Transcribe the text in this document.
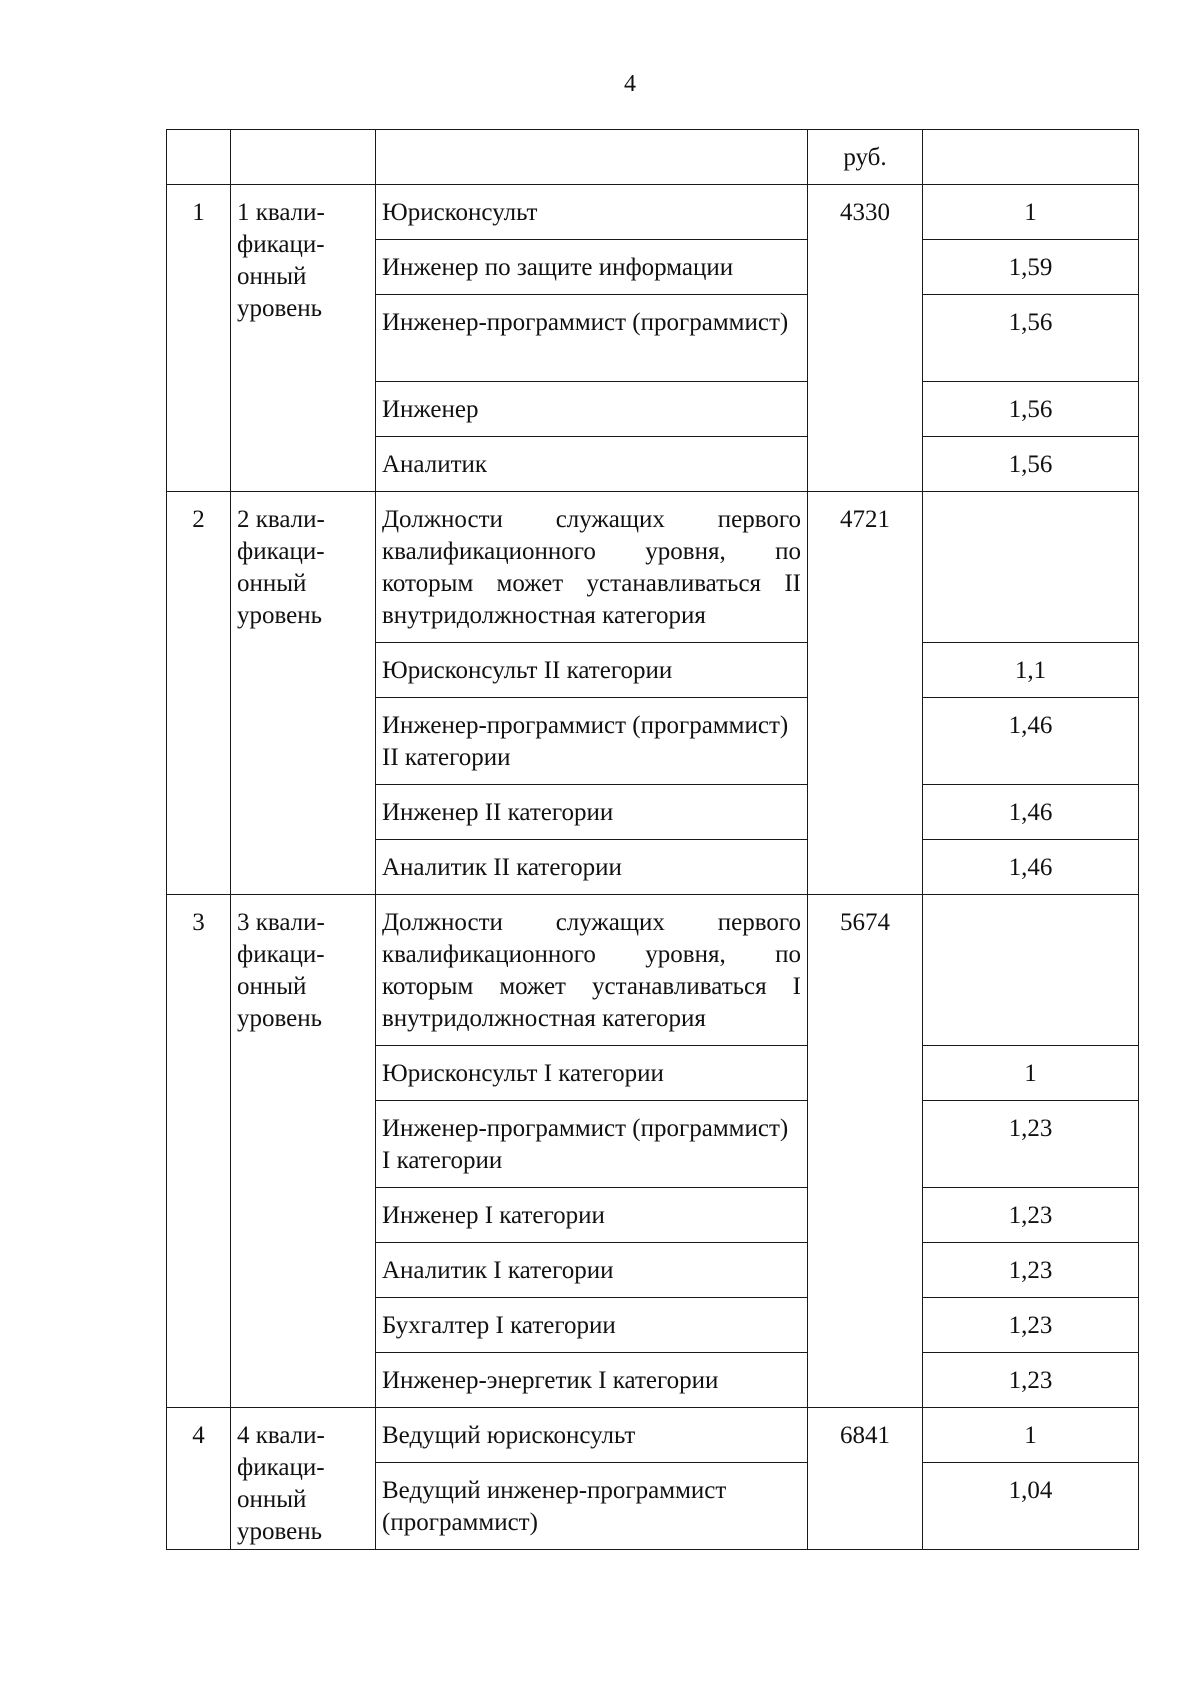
4
			руб.	
1	1 квали-
фикаци-
онный
уровень	Юрисконсульт	4330	1
		Инженер по защите информации		1,59
		Инженер-программист (программист)		1,56
		Инженер		1,56
		Аналитик		1,56
2	2 квали-
фикаци-
онный
уровень	Должности служащих первого квалификационного уровня, по которым может устанавливаться II внутридолжностная категория	4721	
		Юрисконсульт II категории		1,1
		Инженер-программист (программист) II категории		1,46
		Инженер II категории		1,46
		Аналитик II категории		1,46
3	3 квали-
фикаци-
онный
уровень	Должности служащих первого квалификационного уровня, по которым может устанавливаться I внутридолжностная категория	5674	
		Юрисконсульт I категории		1
		Инженер-программист (программист) I категории		1,23
		Инженер I категории		1,23
		Аналитик I категории		1,23
		Бухгалтер I категории		1,23
		Инженер-энергетик I категории		1,23
4	4 квали-
фикаци-
онный
уровень	Ведущий юрисконсульт	6841	1
		Ведущий инженер-программист (программист)		1,04
